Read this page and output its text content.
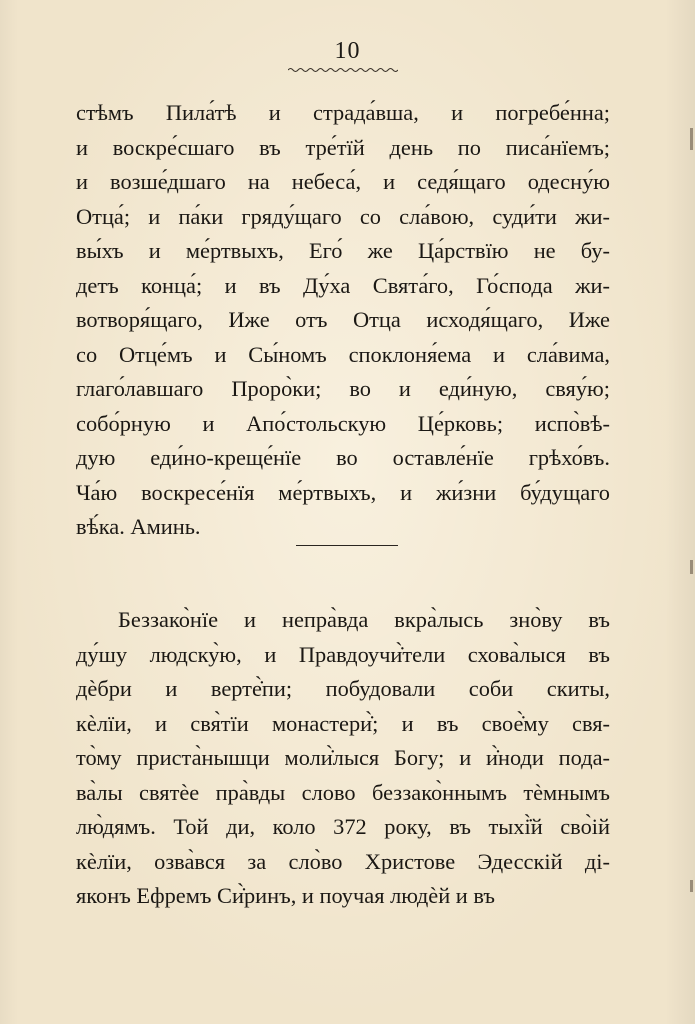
10
стѣмъ Пила́тѣ и страда́вша, и погребе́нна;
и воскре́сшаго въ тре́тїй день по писа́нїемъ;
и возше́дшаго на небеса́, и седя́щаго одесну́ю
Отца́; и па́ки гряду́щаго со сла́вою, суди́ти жи-
вы́хъ и ме́ртвыхъ, Его́ же Ца́рствїю не бу-
детъ конца́; и въ Ду́ха Свята́го, Го́спода жи-
вотворя́щаго, Иже отъ Отца исходя́щаго, Иже
со Отце́мъ и Сы́номъ споклоня́ема и сла́вима,
глаго́лавшаго Проро̀ки; во и еди́ную, свяу́ю;
собо́рную и Апо́стольскую Це́рковь; испо̀вѣ-
дую еди́но-креще́нїе во оставле́нїе грѣхо́въ.
Ча́ю воскресе́нїя ме́ртвыхъ, и жи́зни бу́дущаго
вѣ́ка. Аминь.
Беззако̀нїе и непра̀вда вкра̀лысь зно̀ву въ
ду́шу людску̀ю, и Правдоучи̇̀тели схова̀лыся въ
дѐбри и верте̇̀пи; побудовали соби скиты,
кѐлїи, и свя̀тїи монастери̇̀; и въ свое̇̀му свя-
то̀му приста̀нышци моли̇̀лыся Богу; и и̇̀ноди пода-
ва̀лы святѐе пра̀вды слово беззако̀ннымъ тѐмнымъ
лю̀дямъ. Той ди, коло 372 року, въ тыхі̇̀й сво̀ій
кѐлїи, озва̀вся за сло̀во Христове Эдесскій ді-
яконъ Ефремъ Си̇̀ринъ, и поучая людѐй и въ
